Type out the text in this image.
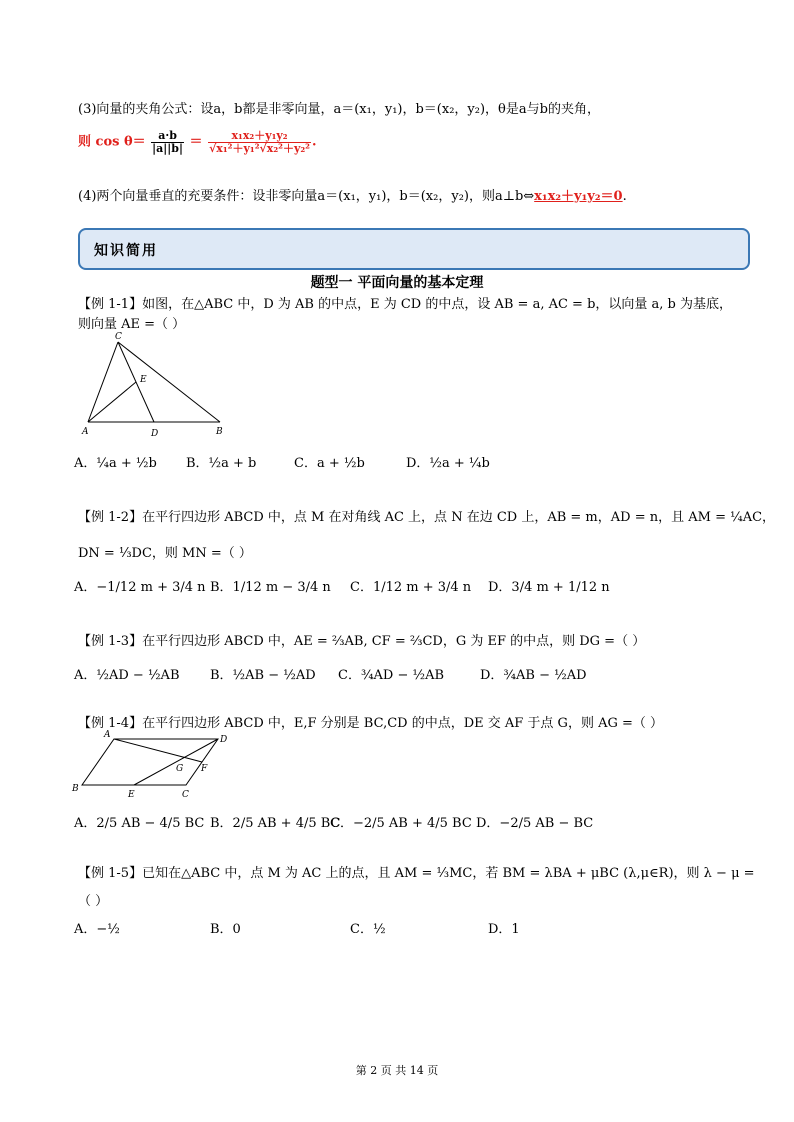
(3)向量的夹角公式：设a，b都是非零向量，a＝(x₁，y₁)，b＝(x₂，y₂)，θ是a与b的夹角，
则 $\cos \theta= \frac{a\cdot b}{|a||b|} = \frac{\text{x₁x₂＋y₁y₂}}{\text{√x₁²＋y₁²√x₂²＋y₂²}}$ .
(4)两个向量垂直的充要条件：设非零向量a＝(x₁，y₁)，b＝(x₂，y₂)，则a⊥b⇔x₁x₂＋y₁y₂＝0.
知识简用
题型一 平面向量的基本定理
【例 1-1】如图，在△ABC 中，D 为 AB 的中点，E 为 CD 的中点，设 AB = a, AC = b，以向量 a, b 为基底，
则向量 AE =（ ）
C
E
A	D	B
A．¼a + ½b B．½a + b	C．a + ½b	D．½a + ¼b
【例 1-2】在平行四边形 ABCD 中，点 M 在对角线 AC 上，点 N 在边 CD 上，AB = m，AD = n，且 AM = ¼AC，
DN = ⅓DC，则 MN =（ ）
A．−1/12 m + 3/4 n B．1/12 m − 3/4 n C．1/12 m + 3/4 n D．3/4 m + 1/12 n
【例 1-3】在平行四边形 ABCD 中，AE = ⅔AB, CF = ⅔CD，G 为 EF 的中点，则 DG =（ ）
A．½AD − ½AB B．½AB − ½AD C．¾AD − ½AB	D．¾AB − ½AD
【例 1-4】在平行四边形 ABCD 中，E,F 分别是 BC,CD 的中点，DE 交 AF 于点 G，则 AG =（ ）
A	D
G F
B
E	C
A．2/5 AB − 4/5 BC B．2/5 AB + 4/5 BC
C．−2/5 AB + 4/5 BC D．−2/5 AB − BC
【例 1-5】已知在△ABC 中，点 M 为 AC 上的点，且 AM = ⅓MC，若 BM = λBA + μBC (λ,μ∈R)，则 λ − μ =
（ ）
A．−½	B．0	C．½	D．1
第 2 页 共 14 页
